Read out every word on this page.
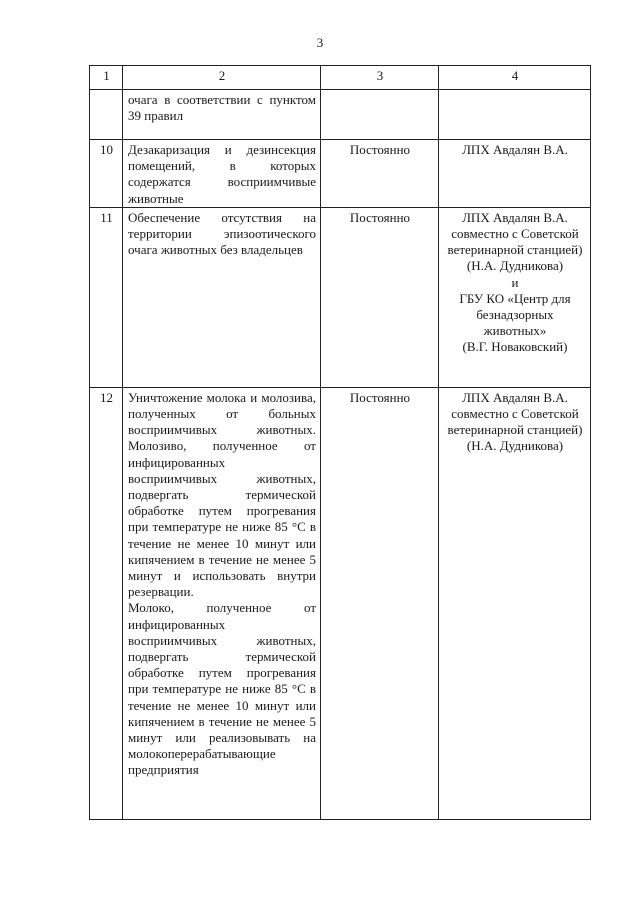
3
1	2	3	4

	очага в соответствии с пунктом 39 правил		

10	Дезакаризация и дезинсекция помещений, в которых содержатся восприимчивые животные	Постоянно	ЛПХ Авдалян В.А.

11	Обеспечение отсутствия на территории эпизоотического очага животных без владельцев	Постоянно	ЛПХ Авдалян В.А. совместно с Советской ветеринарной станцией)
(Н.А. Дудникова)
и
ГБУ КО «Центр для безнадзорных животных»
(В.Г. Новаковский)

12	Уничтожение молока и молозива, полученных от больных восприимчивых животных. Молозиво, полученное от инфицированных восприимчивых животных, подвергать термической обработке путем прогревания при температуре не ниже 85 °С в течение не менее 10 минут или кипячением в течение не менее 5 минут и использовать внутри резервации.
Молоко, полученное от инфицированных восприимчивых животных, подвергать термической обработке путем прогревания при температуре не ниже 85 °С в течение не менее 10 минут или кипячением в течение не менее 5 минут или реализовывать на молокоперерабатывающие предприятия	Постоянно	ЛПХ Авдалян В.А. совместно с Советской ветеринарной станцией)
(Н.А. Дудникова)
